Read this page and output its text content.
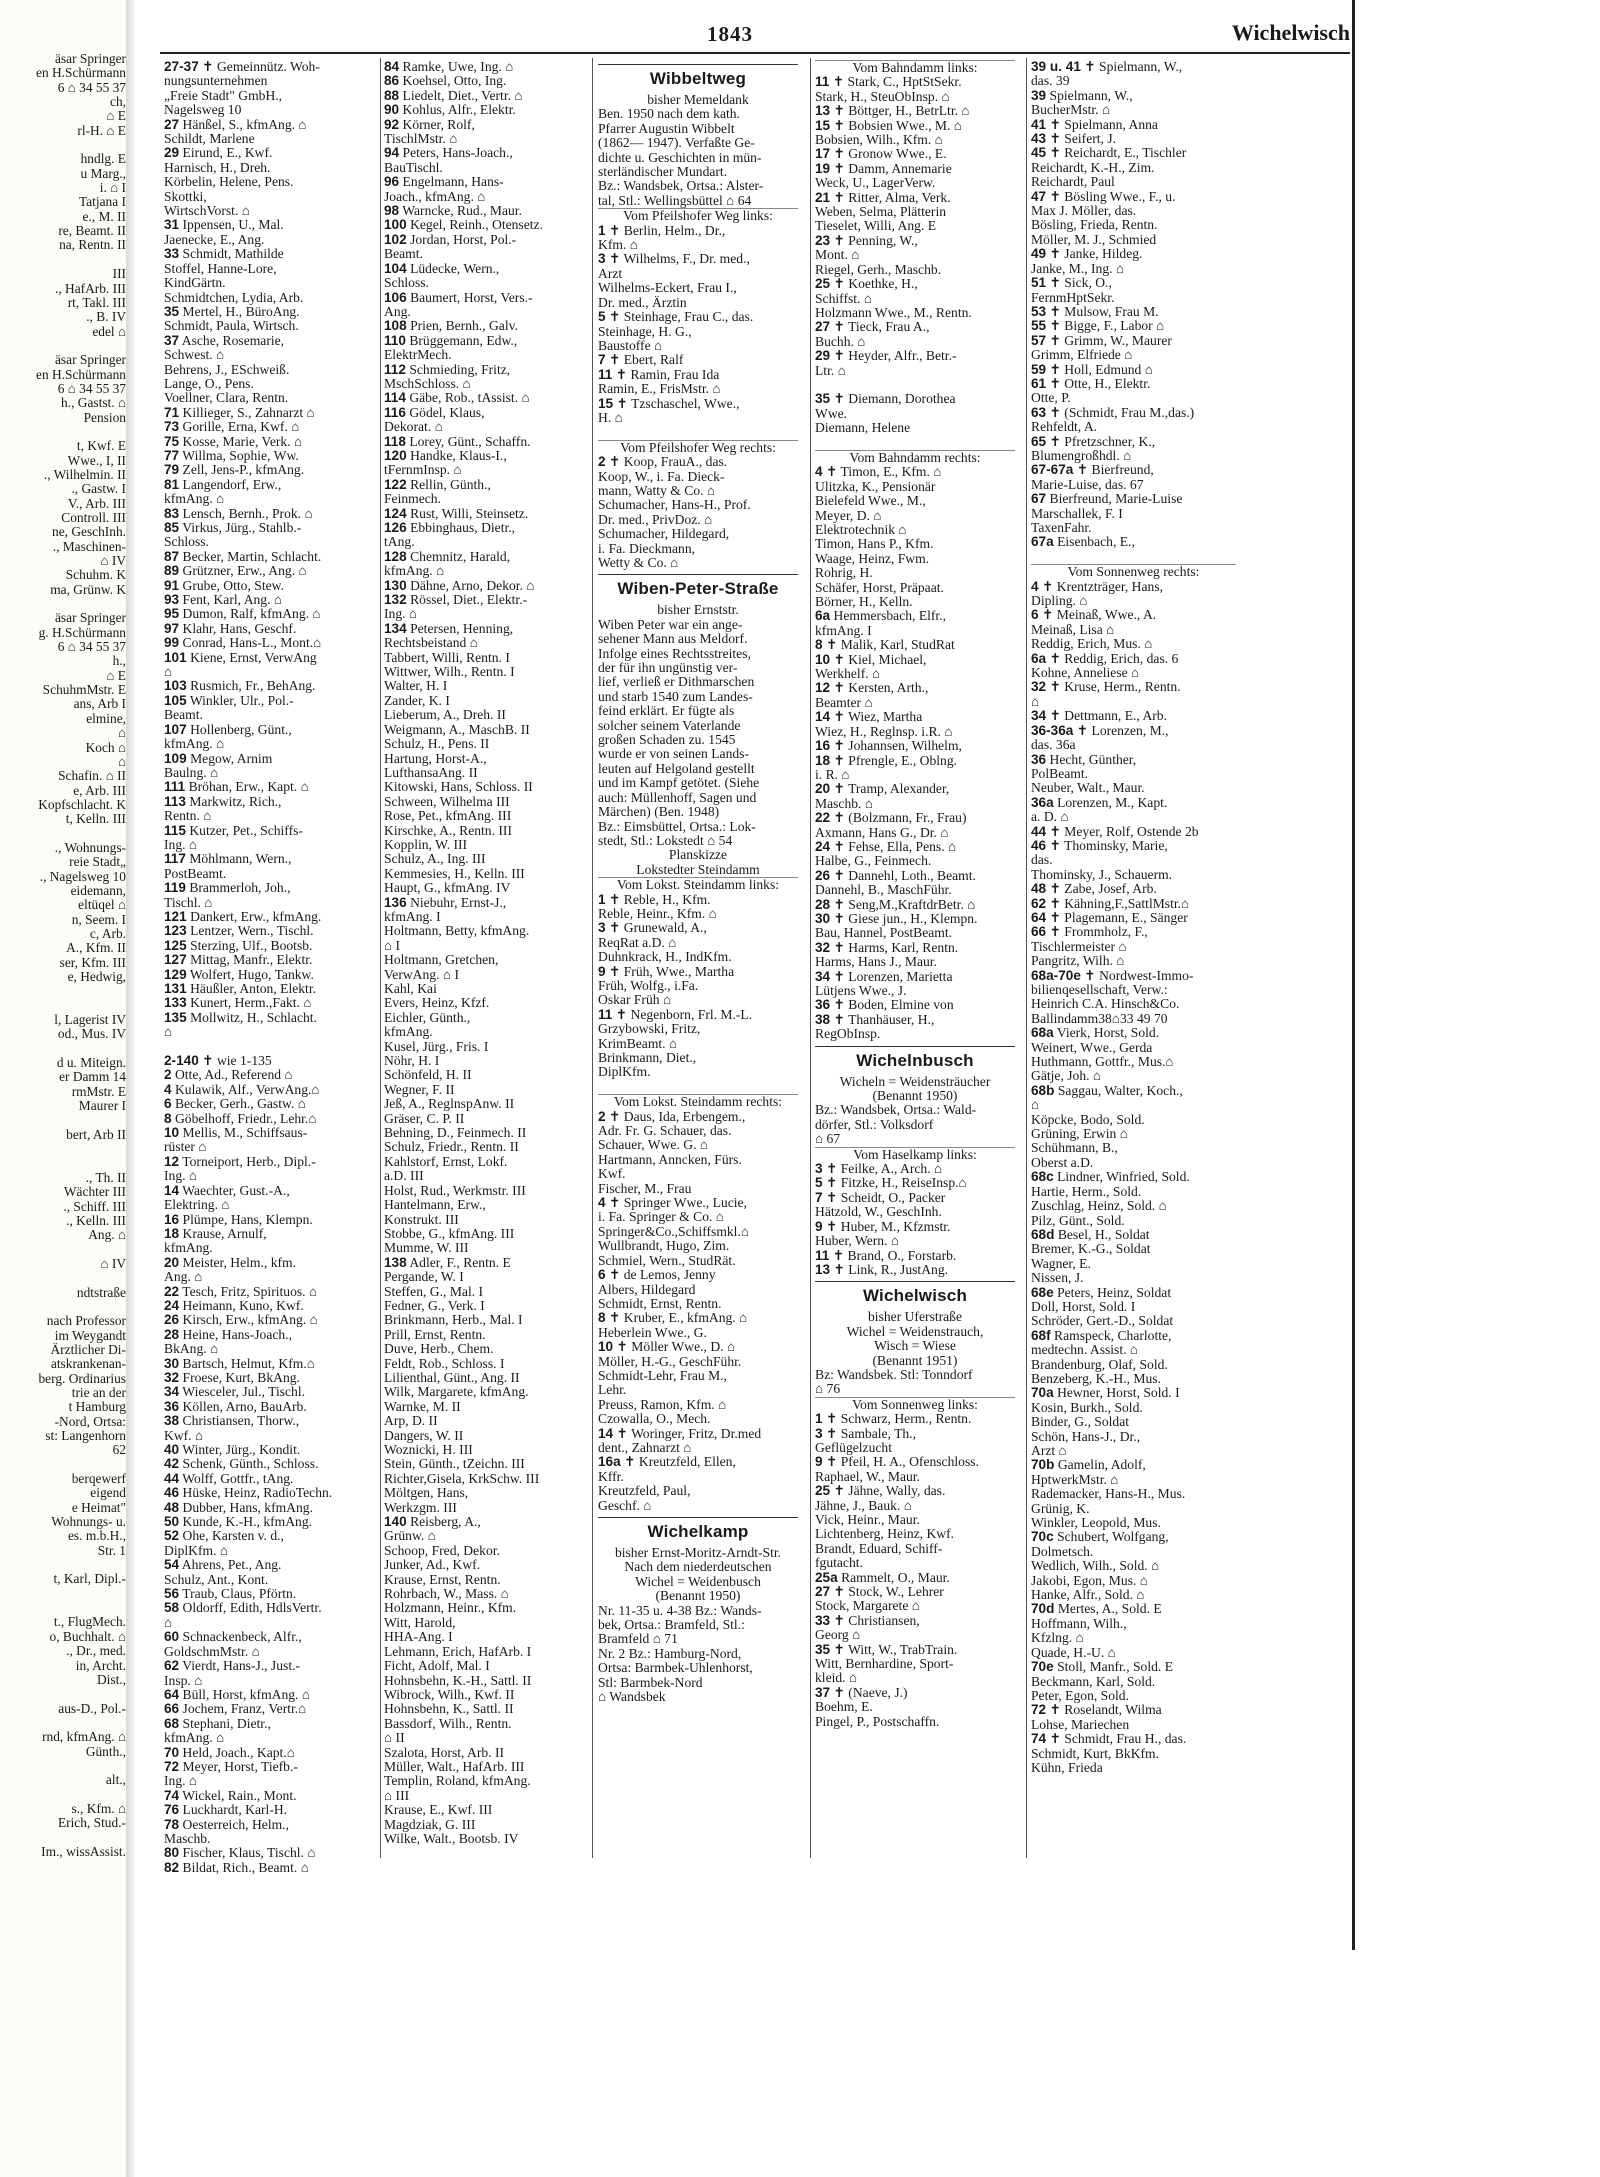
äsar Springer
en H.Schürmann
6 ⌂ 34 55 37
ch,
⌂ E
rl-H. ⌂ E
hndlg. E
u Marg.,
i. ⌂ I
Tatjana I
e., M. II
re, Beamt. II
na, Rentn. II
III
., HafArb. III
rt, Takl. III
., B. IV
edel ⌂
äsar Springer
en H.Schürmann
6 ⌂ 34 55 37
h., Gastst. ⌂
Pension
t, Kwf. E
Wwe., I, II
., Wilhelmin. II
., Gastw. I
V., Arb. III
Controll. III
ne, GeschInh.
., Maschinen-
⌂ IV
Schuhm. K
ma, Grünw. K
äsar Springer
g. H.Schürmann
6 ⌂ 34 55 37
h.,
⌂ E
SchuhmMstr. E
ans, Arb I
elmine,
⌂
Koch ⌂
⌂
Schafin. ⌂ II
e, Arb. III
Kopfschlacht. K
t, Kelln. III
., Wohnungs-
reie Stadt„
., Nagelsweg 10
eidemann,
eltüqel ⌂
n, Seem. I
c, Arb.
A., Kfm. II
ser, Kfm. III
e, Hedwig,
l, Lagerist IV
od., Mus. IV
d u. Miteign.
er Damm 14
rmMstr. E
Maurer I
bert, Arb II
., Th. II
Wächter III
., Schiff. III
., Kelln. III
Ang. ⌂
⌂ IV
ndtstraße
nach Professor
im Weygandt
Ärztlicher Di-
atskrankenan-
berg. Ordinarius
trie an der
t Hamburg
-Nord, Ortsa:
st: Langenhorn
62
berqewerf
eigend
e Heimat"
Wohnungs- u.
es. m.b.H.,
Str. 1
t, Karl, Dipl.-
t., FlugMech.
o, Buchhalt. ⌂
., Dr., med.
in, Archt.
Dist.,
aus-D., Pol.-
rnd, kfmAng. ⌂
Günth.,
alt.,
s., Kfm. ⌂
Erich, Stud.-
Im., wissAssist.
1843	Wichelwisch
27-37 ✝ Gemeinnütz. Woh-
nungsunternehmen
„Freie Stadt" GmbH.,
Nagelsweg 10
27 Hänßel, S., kfmAng. ⌂
Schildt, Marlene
29 Eirund, E., Kwf.
Harnisch, H., Dreh.
Körbelin, Helene, Pens.
Skottki,
WirtschVorst. ⌂
31 Ippensen, U., Mal.
Jaenecke, E., Ang.
33 Schmidt, Mathilde
Stoffel, Hanne-Lore,
KindGärtn.
Schmidtchen, Lydia, Arb.
35 Mertel, H., BüroAng.
Schmidt, Paula, Wirtsch.
37 Asche, Rosemarie,
Schwest. ⌂
Behrens, J., ESchweiß.
Lange, O., Pens.
Voellner, Clara, Rentn.
71 Killieger, S., Zahnarzt ⌂
73 Gorille, Erna, Kwf. ⌂
75 Kosse, Marie, Verk. ⌂
77 Willma, Sophie, Ww.
79 Zell, Jens-P., kfmAng.
81 Langendorf, Erw.,
kfmAng. ⌂
83 Lensch, Bernh., Prok. ⌂
85 Virkus, Jürg., Stahlb.-
Schloss.
87 Becker, Martin, Schlacht.
89 Grützner, Erw., Ang. ⌂
91 Grube, Otto, Stew.
93 Fent, Karl, Ang. ⌂
95 Dumon, Ralf, kfmAng. ⌂
97 Klahr, Hans, Geschf.
99 Conrad, Hans-L., Mont.⌂
101 Kiene, Ernst, VerwAng
⌂
103 Rusmich, Fr., BehAng.
105 Winkler, Ulr., Pol.-
Beamt.
107 Hollenberg, Günt.,
kfmAng. ⌂
109 Megow, Arnim
Baulng. ⌂
111 Bröhan, Erw., Kapt. ⌂
113 Markwitz, Rich.,
Rentn. ⌂
115 Kutzer, Pet., Schiffs-
Ing. ⌂
117 Möhlmann, Wern.,
PostBeamt.
119 Brammerloh, Joh.,
Tischl. ⌂
121 Dankert, Erw., kfmAng.
123 Lentzer, Wern., Tischl.
125 Sterzing, Ulf., Bootsb.
127 Mittag, Manfr., Elektr.
129 Wolfert, Hugo, Tankw.
131 Häußler, Anton, Elektr.
133 Kunert, Herm.,Fakt. ⌂
135 Mollwitz, H., Schlacht.
⌂
2-140 ✝ wie 1-135
2 Otte, Ad., Referend ⌂
4 Kulawik, Alf., VerwAng.⌂
6 Becker, Gerh., Gastw. ⌂
8 Göbelhoff, Friedr., Lehr.⌂
10 Mellis, M., Schiffsaus-
rüster ⌂
12 Torneiport, Herb., Dipl.-
Ing. ⌂
14 Waechter, Gust.-A.,
Elektring. ⌂
16 Plümpe, Hans, Klempn.
18 Krause, Arnulf,
kfmAng.
20 Meister, Helm., kfm.
Ang. ⌂
22 Tesch, Fritz, Spirituos. ⌂
24 Heimann, Kuno, Kwf.
26 Kirsch, Erw., kfmAng. ⌂
28 Heine, Hans-Joach.,
BkAng. ⌂
30 Bartsch, Helmut, Kfm.⌂
32 Froese, Kurt, BkAng.
34 Wiesceler, Jul., Tischl.
36 Köllen, Arno, BauArb.
38 Christiansen, Thorw.,
Kwf. ⌂
40 Winter, Jürg., Kondit.
42 Schenk, Günth., Schloss.
44 Wolff, Gottfr., tAng.
46 Hüske, Heinz, RadioTechn.
48 Dubber, Hans, kfmAng.
50 Kunde, K.-H., kfmAng.
52 Ohe, Karsten v. d.,
DiplKfm. ⌂
54 Ahrens, Pet., Ang.
Schulz, Ant., Kont.
56 Traub, Claus, Pförtn.
58 Oldorff, Edith, HdlsVertr.
⌂
60 Schnackenbeck, Alfr.,
GoldschmMstr. ⌂
62 Vierdt, Hans-J., Just.-
Insp. ⌂
64 Büll, Horst, kfmAng. ⌂
66 Jochem, Franz, Vertr.⌂
68 Stephani, Dietr.,
kfmAng. ⌂
70 Held, Joach., Kapt.⌂
72 Meyer, Horst, Tiefb.-
Ing. ⌂
74 Wickel, Rain., Mont.
76 Luckhardt, Karl-H.
78 Oesterreich, Helm.,
Maschb.
80 Fischer, Klaus, Tischl. ⌂
82 Bildat, Rich., Beamt. ⌂
84 Ramke, Uwe, Ing. ⌂
86 Koehsel, Otto, Ing.
88 Liedelt, Diet., Vertr. ⌂
90 Kohlus, Alfr., Elektr.
92 Körner, Rolf,
TischlMstr. ⌂
94 Peters, Hans-Joach.,
BauTischl.
96 Engelmann, Hans-
Joach., kfmAng. ⌂
98 Warncke, Rud., Maur.
100 Kegel, Reinh., Otensetz.
102 Jordan, Horst, Pol.-
Beamt.
104 Lüdecke, Wern.,
Schloss.
106 Baumert, Horst, Vers.-
Ang.
108 Prien, Bernh., Galv.
110 Brüggemann, Edw.,
ElektrMech.
112 Schmieding, Fritz,
MschSchloss. ⌂
114 Gäbe, Rob., tAssist. ⌂
116 Gödel, Klaus,
Dekorat. ⌂
118 Lorey, Günt., Schaffn.
120 Handke, Klaus-I.,
tFernmInsp. ⌂
122 Rellin, Günth.,
Feinmech.
124 Rust, Willi, Steinsetz.
126 Ebbinghaus, Dietr.,
tAng.
128 Chemnitz, Harald,
kfmAng. ⌂
130 Dähne, Arno, Dekor. ⌂
132 Rössel, Diet., Elektr.-
Ing. ⌂
134 Petersen, Henning,
Rechtsbeistand ⌂
Tabbert, Willi, Rentn. I
Wittwer, Wilh., Rentn. I
Walter, H. I
Zander, K. I
Lieberum, A., Dreh. II
Weigmann, A., MaschB. II
Schulz, H., Pens. II
Hartung, Horst-A.,
LufthansaAng. II
Kitowski, Hans, Schloss. II
Schween, Wilhelma III
Rose, Pet., kfmAng. III
Kirschke, A., Rentn. III
Kopplin, W. III
Schulz, A., Ing. III
Kemmesies, H., Kelln. III
Haupt, G., kfmAng. IV
136 Niebuhr, Ernst-J.,
kfmAng. I
Holtmann, Betty, kfmAng.
⌂ I
Holtmann, Gretchen,
VerwAng. ⌂ I
Kahl, Kai
Evers, Heinz, Kfzf.
Eichler, Günth.,
kfmAng.
Kusel, Jürg., Fris. I
Nöhr, H. I
Schönfeld, H. II
Wegner, F. II
Jeß, A., ReglnspAnw. II
Gräser, C. P. II
Behning, D., Feinmech. II
Schulz, Friedr., Rentn. II
Kahlstorf, Ernst, Lokf.
a.D. III
Holst, Rud., Werkmstr. III
Hantelmann, Erw.,
Konstrukt. III
Stobbe, G., kfmAng. III
Mumme, W. III
138 Adler, F., Rentn. E
Pergande, W. I
Steffen, G., Mal. I
Fedner, G., Verk. I
Brinkmann, Herb., Mal. I
Prill, Ernst, Rentn.
Duve, Herb., Chem.
Feldt, Rob., Schloss. I
Lilienthal, Günt., Ang. II
Wilk, Margarete, kfmAng.
Warnke, M. II
Arp, D. II
Dangers, W. II
Woznicki, H. III
Stein, Günth., tZeichn. III
Richter,Gisela, KrkSchw. III
Möltgen, Hans,
Werkzgm. III
140 Reisberg, A.,
Grünw. ⌂
Schoop, Fred, Dekor.
Junker, Ad., Kwf.
Krause, Ernst, Rentn.
Rohrbach, W., Mass. ⌂
Holzmann, Heinr., Kfm.
Witt, Harold,
HHA-Ang. I
Lehmann, Erich, HafArb. I
Ficht, Adolf, Mal. I
Hohnsbehn, K.-H., Sattl. II
Wibrock, Wilh., Kwf. II
Hohnsbehn, K., Sattl. II
Bassdorf, Wilh., Rentn.
⌂ II
Szalota, Horst, Arb. II
Müller, Walt., HafArb. III
Templin, Roland, kfmAng.
⌂ III
Krause, E., Kwf. III
Magdziak, G. III
Wilke, Walt., Bootsb. IV
Wibbeltweg
bisher Memeldank
Ben. 1950 nach dem kath.
Pfarrer Augustin Wibbelt
(1862— 1947). Verfaßte Ge-
dichte u. Geschichten in mün-
sterländischer Mundart.
Bz.: Wandsbek, Ortsa.: Alster-
tal, Stl.: Wellingsbüttel ⌂ 64
Vom Pfeilshofer Weg links:
1 ✝ Berlin, Helm., Dr.,
Kfm. ⌂
3 ✝ Wilhelms, F., Dr. med.,
Arzt
Wilhelms-Eckert, Frau I.,
Dr. med., Ärztin
5 ✝ Steinhage, Frau C., das.
Steinhage, H. G.,
Baustoffe ⌂
7 ✝ Ebert, Ralf
11 ✝ Ramin, Frau Ida
Ramin, E., FrisMstr. ⌂
15 ✝ Tzschaschel, Wwe.,
H. ⌂
Vom Pfeilshofer Weg rechts:
2 ✝ Koop, FrauA., das.
Koop, W., i. Fa. Dieck-
mann, Watty & Co. ⌂
Schumacher, Hans-H., Prof.
Dr. med., PrivDoz. ⌂
Schumacher, Hildegard,
i. Fa. Dieckmann,
Wetty & Co. ⌂
Wiben-Peter-Straße
bisher Ernststr.
Wiben Peter war ein ange-
sehener Mann aus Meldorf.
Infolge eines Rechtsstreites,
der für ihn ungünstig ver-
lief, verließ er Dithmarschen
und starb 1540 zum Landes-
feind erklärt. Er fügte als
solcher seinem Vaterlande
großen Schaden zu. 1545
wurde er von seinen Lands-
leuten auf Helgoland gestellt
und im Kampf getötet. (Siehe
auch: Müllenhoff, Sagen und
Märchen) (Ben. 1948)
Bz.: Eimsbüttel, Ortsa.: Lok-
stedt, Stl.: Lokstedt ⌂ 54
Planskizze
Lokstedter Steindamm
Vom Lokst. Steindamm links:
1 ✝ Reble, H., Kfm.
Reble, Heinr., Kfm. ⌂
3 ✝ Grunewald, A.,
ReqRat a.D. ⌂
Duhnkrack, H., IndKfm.
9 ✝ Früh, Wwe., Martha
Früh, Wolfg., i.Fa.
Oskar Früh ⌂
11 ✝ Negenborn, Frl. M.-L.
Grzybowski, Fritz,
KrimBeamt. ⌂
Brinkmann, Diet.,
DiplKfm.
Vom Lokst. Steindamm rechts:
2 ✝ Daus, Ida, Erbengem.,
Adr. Fr. G. Schauer, das.
Schauer, Wwe. G. ⌂
Hartmann, Anncken, Fürs.
Kwf.
Fischer, M., Frau
4 ✝ Springer Wwe., Lucie,
i. Fa. Springer & Co. ⌂
Springer&Co.,Schiffsmkl.⌂
Wullbrandt, Hugo, Zim.
Schmiel, Wern., StudRät.
6 ✝ de Lemos, Jenny
Albers, Hildegard
Schmidt, Ernst, Rentn.
8 ✝ Kruber, E., kfmAng. ⌂
Heberlein Wwe., G.
10 ✝ Möller Wwe., D. ⌂
Möller, H.-G., GeschFühr.
Schmidt-Lehr, Frau M.,
Lehr.
Preuss, Ramon, Kfm. ⌂
Czowalla, O., Mech.
14 ✝ Woringer, Fritz, Dr.med
dent., Zahnarzt ⌂
16a ✝ Kreutzfeld, Ellen,
Kffr.
Kreutzfeld, Paul,
Geschf. ⌂
Wichelkamp
bisher Ernst-Moritz-Arndt-Str.
Nach dem niederdeutschen
Wichel = Weidenbusch
(Benannt 1950)
Nr. 11-35 u. 4-38 Bz.: Wands-
bek, Ortsa.: Bramfeld, Stl.:
Bramfeld ⌂ 71
Nr. 2 Bz.: Hamburg-Nord,
Ortsa: Barmbek-Uhlenhorst,
Stl: Barmbek-Nord
⌂ Wandsbek
Vom Bahndamm links:
11 ✝ Stark, C., HptStSekr.
Stark, H., SteuObInsp. ⌂
13 ✝ Böttger, H., BetrLtr. ⌂
15 ✝ Bobsien Wwe., M. ⌂
Bobsien, Wilh., Kfm. ⌂
17 ✝ Gronow Wwe., E.
19 ✝ Damm, Annemarie
Weck, U., LagerVerw.
21 ✝ Ritter, Alma, Verk.
Weben, Selma, Plätterin
Tieselet, Willi, Ang. E
23 ✝ Penning, W.,
Mont. ⌂
Riegel, Gerh., Maschb.
25 ✝ Koethke, H.,
Schiffst. ⌂
Holzmann Wwe., M., Rentn.
27 ✝ Tieck, Frau A.,
Buchh. ⌂
29 ✝ Heyder, Alfr., Betr.-
Ltr. ⌂
35 ✝ Diemann, Dorothea
Wwe.
Diemann, Helene
Vom Bahndamm rechts:
4 ✝ Timon, E., Kfm. ⌂
Ulitzka, K., Pensionär
Bielefeld Wwe., M.,
Meyer, D. ⌂
Elektrotechnik ⌂
Timon, Hans P., Kfm.
Waage, Heinz, Fwm.
Rohrig, H.
Schäfer, Horst, Präpaat.
Börner, H., Kelln.
6a Hemmersbach, Elfr.,
kfmAng. I
8 ✝ Malik, Karl, StudRat
10 ✝ Kiel, Michael,
Werkhelf. ⌂
12 ✝ Kersten, Arth.,
Beamter ⌂
14 ✝ Wiez, Martha
Wiez, H., Reglnsp. i.R. ⌂
16 ✝ Johannsen, Wilhelm,
18 ✝ Pfrengle, E., Oblng.
i. R. ⌂
20 ✝ Tramp, Alexander,
Maschb. ⌂
22 ✝ (Bolzmann, Fr., Frau)
Axmann, Hans G., Dr. ⌂
24 ✝ Fehse, Ella, Pens. ⌂
Halbe, G., Feinmech.
26 ✝ Dannehl, Loth., Beamt.
Dannehl, B., MaschFühr.
28 ✝ Seng,M.,KraftdrBetr. ⌂
30 ✝ Giese jun., H., Klempn.
Bau, Hannel, PostBeamt.
32 ✝ Harms, Karl, Rentn.
Harms, Hans J., Maur.
34 ✝ Lorenzen, Marietta
Lütjens Wwe., J.
36 ✝ Boden, Elmine von
38 ✝ Thanhäuser, H.,
RegObInsp.
Wichelnbusch
Wicheln = Weidensträucher
(Benannt 1950)
Bz.: Wandsbek, Ortsa.: Wald-
dörfer, Stl.: Volksdorf
⌂ 67
Vom Haselkamp links:
3 ✝ Feilke, A., Arch. ⌂
5 ✝ Fitzke, H., ReiseInsp.⌂
7 ✝ Scheidt, O., Packer
Hätzold, W., GeschInh.
9 ✝ Huber, M., Kfzmstr.
Huber, Wern. ⌂
11 ✝ Brand, O., Forstarb.
13 ✝ Link, R., JustAng.
Wichelwisch
bisher Uferstraße
Wichel = Weidenstrauch,
Wisch = Wiese
(Benannt 1951)
Bz: Wandsbek. Stl: Tonndorf
⌂ 76
Vom Sonnenweg links:
1 ✝ Schwarz, Herm., Rentn.
3 ✝ Sambale, Th.,
Geflügelzucht
9 ✝ Pfeil, H. A., Ofenschloss.
Raphael, W., Maur.
25 ✝ Jähne, Wally, das.
Jähne, J., Bauk. ⌂
Vick, Heinr., Maur.
Lichtenberg, Heinz, Kwf.
Brandt, Eduard, Schiff-
fgutacht.
25a Rammelt, O., Maur.
27 ✝ Stock, W., Lehrer
Stock, Margarete ⌂
33 ✝ Christiansen,
Georg ⌂
35 ✝ Witt, W., TrabTrain.
Witt, Bernhardine, Sport-
kleid. ⌂
37 ✝ (Naeve, J.)
Boehm, E.
Pingel, P., Postschaffn.
39 u. 41 ✝ Spielmann, W.,
das. 39
39 Spielmann, W.,
BucherMstr. ⌂
41 ✝ Spielmann, Anna
43 ✝ Seifert, J.
45 ✝ Reichardt, E., Tischler
Reichardt, K.-H., Zim.
Reichardt, Paul
47 ✝ Bösling Wwe., F., u.
Max J. Möller, das.
Bösling, Frieda, Rentn.
Möller, M. J., Schmied
49 ✝ Janke, Hildeg.
Janke, M., Ing. ⌂
51 ✝ Sick, O.,
FernmHptSekr.
53 ✝ Mulsow, Frau M.
55 ✝ Bigge, F., Labor ⌂
57 ✝ Grimm, W., Maurer
Grimm, Elfriede ⌂
59 ✝ Holl, Edmund ⌂
61 ✝ Otte, H., Elektr.
Otte, P.
63 ✝ (Schmidt, Frau M.,das.)
Rehfeldt, A.
65 ✝ Pfretzschner, K.,
Blumengroßhdl. ⌂
67-67a ✝ Bierfreund,
Marie-Luise, das. 67
67 Bierfreund, Marie-Luise
Marschallek, F. I
TaxenFahr.
67a Eisenbach, E.,
Vom Sonnenweg rechts:
4 ✝ Krentzträger, Hans,
Dipling. ⌂
6 ✝ Meinaß, Wwe., A.
Meinaß, Lisa ⌂
Reddig, Erich, Mus. ⌂
6a ✝ Reddig, Erich, das. 6
Kohne, Anneliese ⌂
32 ✝ Kruse, Herm., Rentn.
⌂
34 ✝ Dettmann, E., Arb.
36-36a ✝ Lorenzen, M.,
das. 36a
36 Hecht, Günther,
PolBeamt.
Neuber, Walt., Maur.
36a Lorenzen, M., Kapt.
a. D. ⌂
44 ✝ Meyer, Rolf, Ostende 2b
46 ✝ Thominsky, Marie,
das.
Thominsky, J., Schauerm.
48 ✝ Zabe, Josef, Arb.
62 ✝ Kähning,F.,SattlMstr.⌂
64 ✝ Plagemann, E., Sänger
66 ✝ Frommholz, F.,
Tischlermeister ⌂
Pangritz, Wilh. ⌂
68a-70e ✝ Nordwest-Immo-
bilienqesellschaft, Verw.:
Heinrich C.A. Hinsch&Co.
Ballindamm38⌂33 49 70
68a Vierk, Horst, Sold.
Weinert, Wwe., Gerda
Huthmann, Gottfr., Mus.⌂
Gätje, Joh. ⌂
68b Saggau, Walter, Koch.,
⌂
Köpcke, Bodo, Sold.
Grüning, Erwin ⌂
Schühmann, B.,
Oberst a.D.
68c Lindner, Winfried, Sold.
Hartie, Herm., Sold.
Zuschlag, Heinz, Sold. ⌂
Pilz, Günt., Sold.
68d Besel, H., Soldat
Bremer, K.-G., Soldat
Wagner, E.
Nissen, J.
68e Peters, Heinz, Soldat
Doll, Horst, Sold. I
Schröder, Gert.-D., Soldat
68f Ramspeck, Charlotte,
medtechn. Assist. ⌂
Brandenburg, Olaf, Sold.
Benzeberg, K.-H., Mus.
70a Hewner, Horst, Sold. I
Kosin, Burkh., Sold.
Binder, G., Soldat
Schön, Hans-J., Dr.,
Arzt ⌂
70b Gamelin, Adolf,
HptwerkMstr. ⌂
Rademacker, Hans-H., Mus.
Grünig, K.
Winkler, Leopold, Mus.
70c Schubert, Wolfgang,
Dolmetsch.
Wedlich, Wilh., Sold. ⌂
Jakobi, Egon, Mus. ⌂
Hanke, Alfr., Sold. ⌂
70d Mertes, A., Sold. E
Hoffmann, Wilh.,
Kfzlng. ⌂
Quade, H.-U. ⌂
70e Stoll, Manfr., Sold. E
Beckmann, Karl, Sold.
Peter, Egon, Sold.
72 ✝ Roselandt, Wilma
Lohse, Mariechen
74 ✝ Schmidt, Frau H., das.
Schmidt, Kurt, BkKfm.
Kühn, Frieda
